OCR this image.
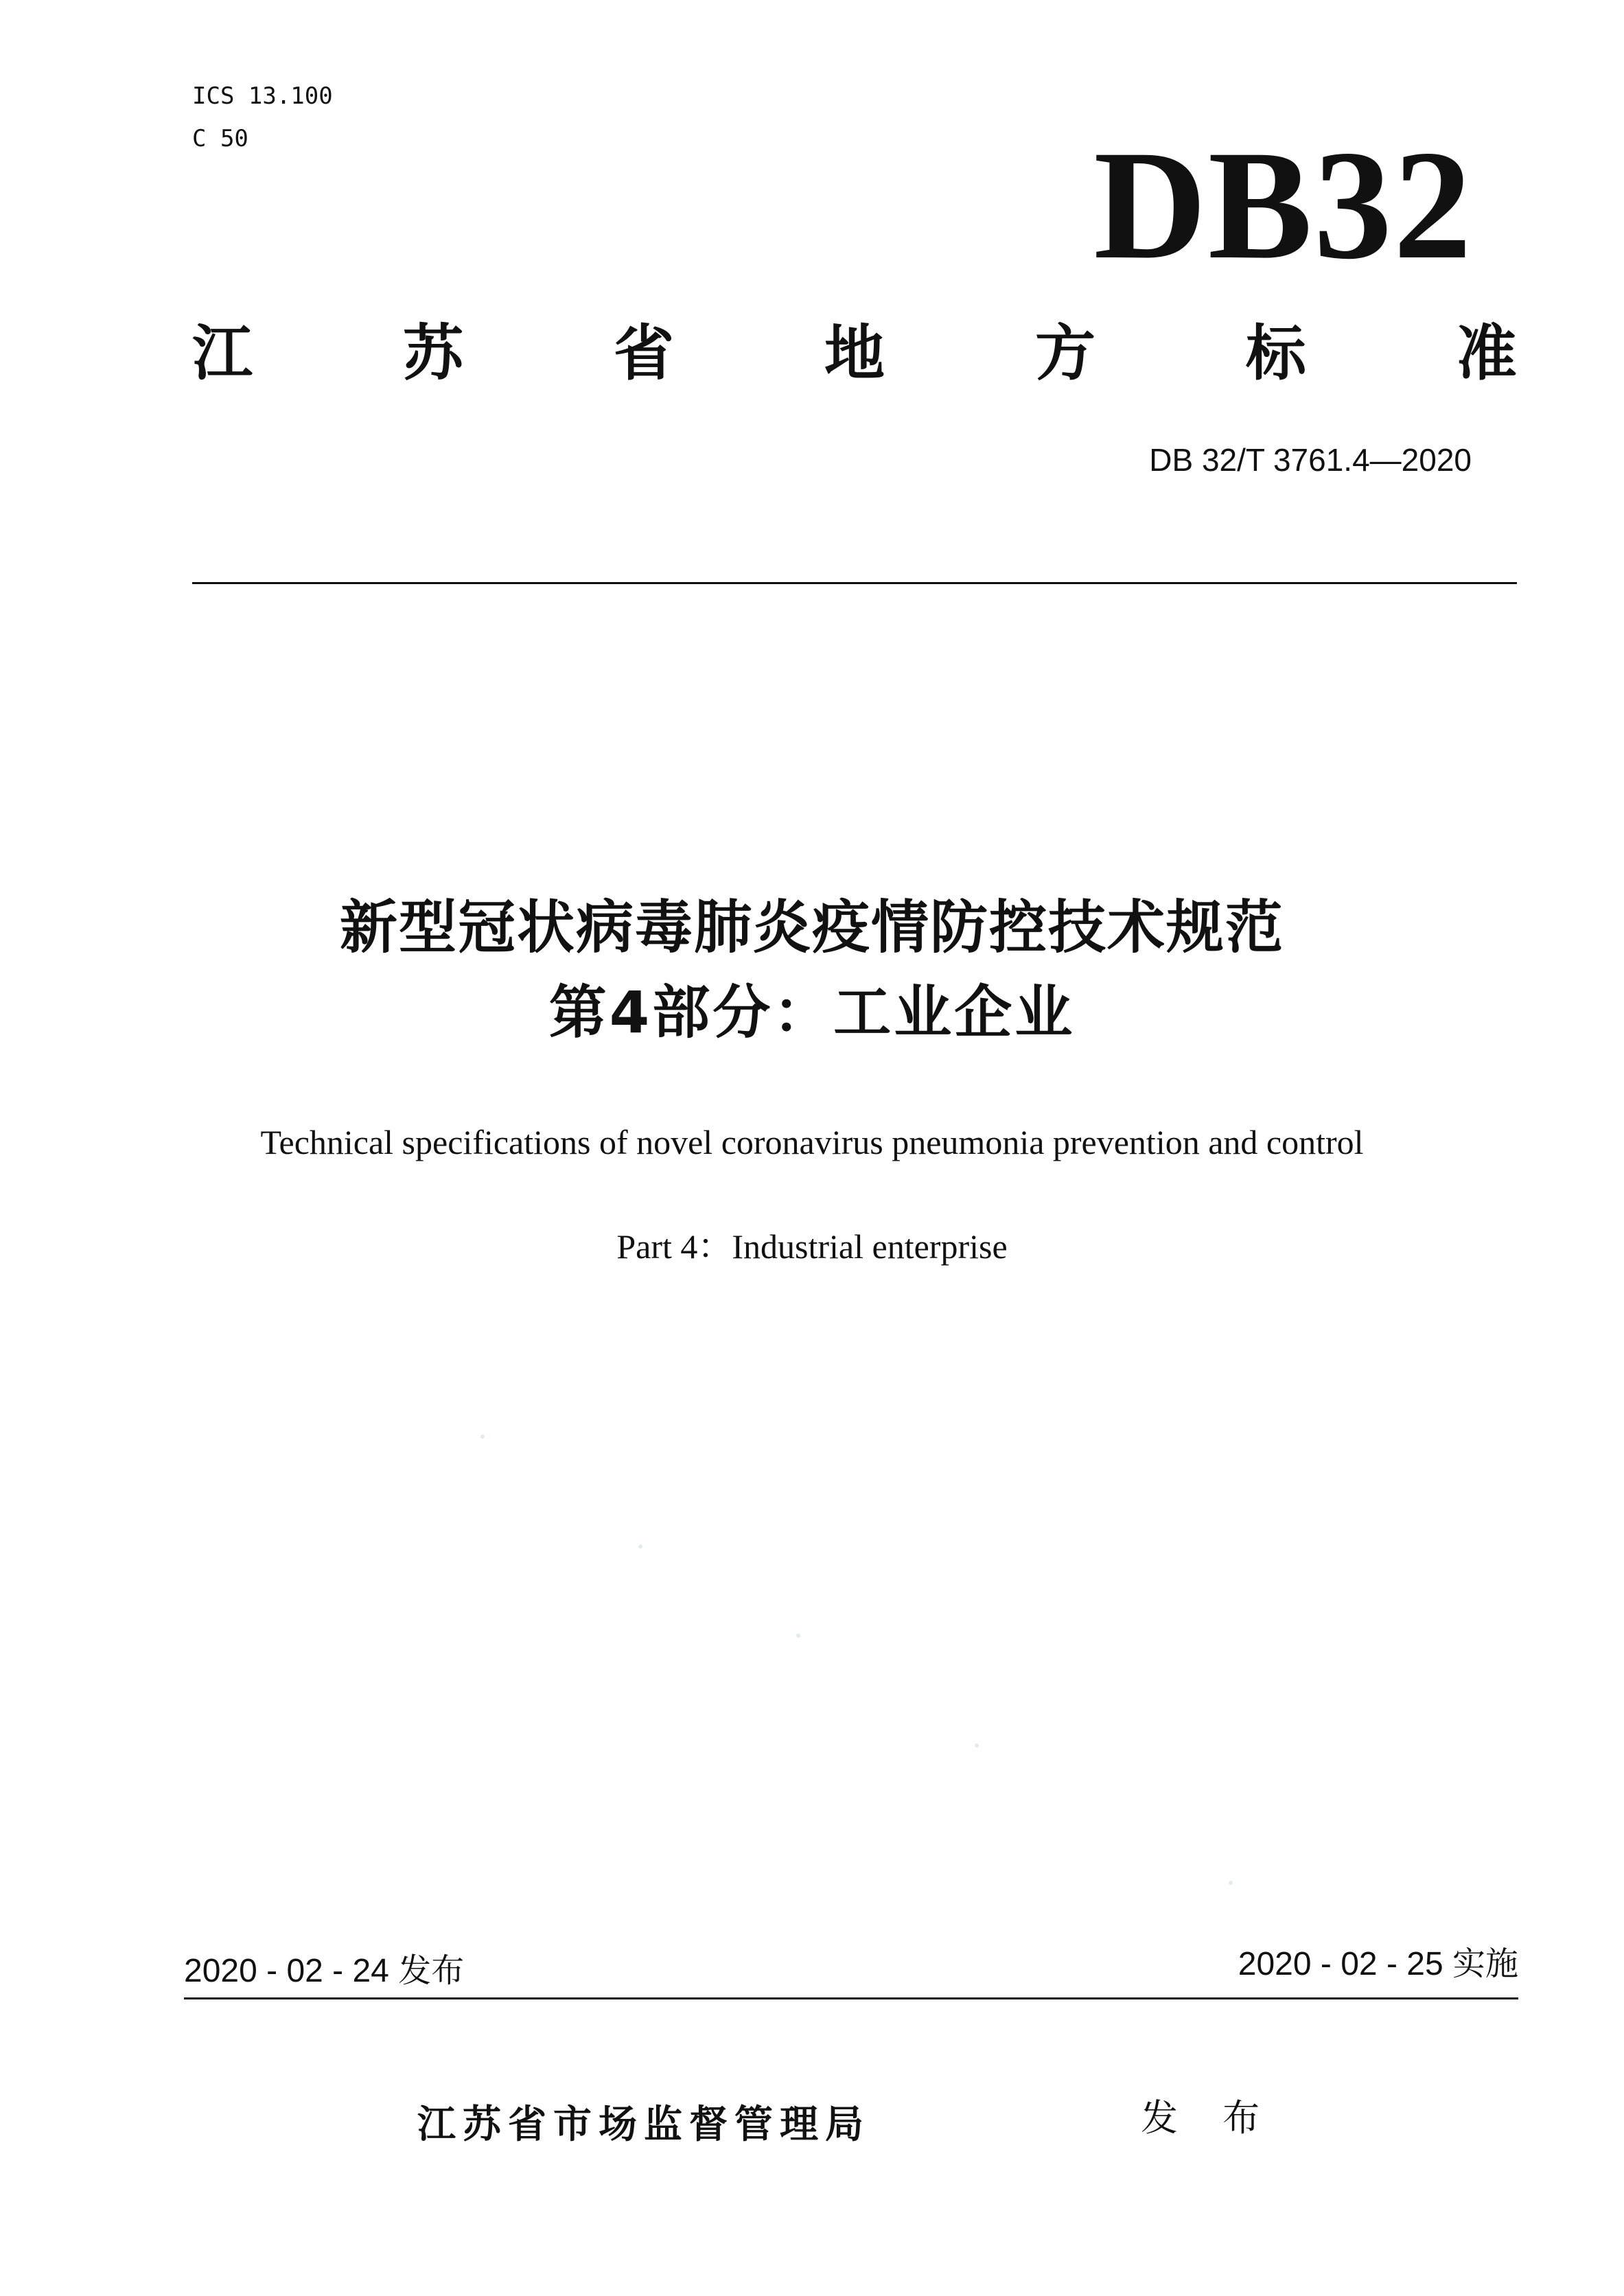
ICS 13.100
C 50	DB32
江 苏 省 地 方 标 准
DB 32/T 3761.4—2020
新型冠状病毒肺炎疫情防控技术规范
第4部分：工业企业
Technical specifications of novel coronavirus pneumonia prevention and control
Part 4：Industrial enterprise
2020 - 02 - 24 发布	2020 - 02 - 25 实施
江苏省市场监督管理局	发 布
